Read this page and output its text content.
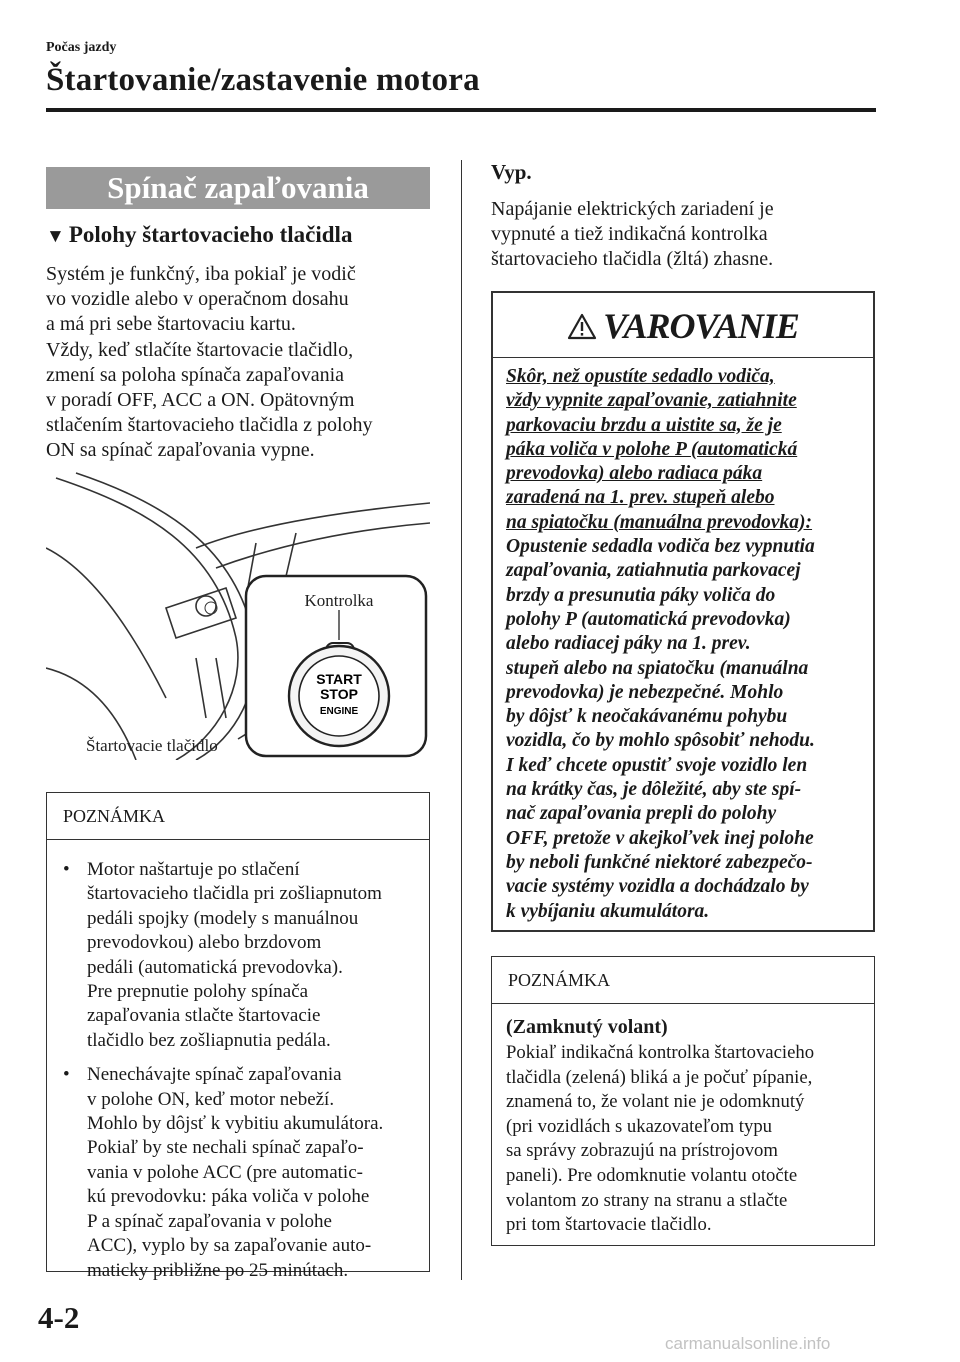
Počas jazdy
Štartovanie/zastavenie motora
Spínač zapaľovania
▼ Polohy štartovacieho tlačidla

Systém je funkčný, iba pokiaľ je vodič
vo vozidle alebo v operačnom dosahu
a má pri sebe štartovaciu kartu.
Vždy, keď stlačíte štartovacie tlačidlo,
zmení sa poloha spínača zapaľovania
v poradí OFF, ACC a ON. Opätovným
stlačením štartovacieho tlačidla z polohy
ON sa spínač zapaľovania vypne.

START
STOP
ENGINE
Kontrolka
Štartovacie tlačidlo
POZNÁMKA
• Motor naštartuje po stlačení
štartovacieho tlačidla pri zošliapnutom
pedáli spojky (modely s manuálnou
prevodovkou) alebo brzdovom
pedáli (automatická prevodovka).
Pre prepnutie polohy spínača
zapaľovania stlačte štartovacie
tlačidlo bez zošliapnutia pedála.
• Nenechávajte spínač zapaľovania
v polohe ON, keď motor nebeží.
Mohlo by dôjsť k vybitiu akumulátora.
Pokiaľ by ste nechali spínač zapaľo-
vania v polohe ACC (pre automatic-
kú prevodovku: páka voliča v polohe
P a spínač zapaľovania v polohe
ACC), vyplo by sa zapaľovanie auto-
maticky približne po 25 minútach.
Vyp.

Napájanie elektrických zariadení je
vypnuté a tiež indikačná kontrolka
štartovacieho tlačidla (žltá) zhasne.

VAROVANIE

Skôr, než opustíte sedadlo vodiča,
vždy vypnite zapaľovanie, zatiahnite
parkovaciu brzdu a uistite sa, že je
páka voliča v polohe P (automatická
prevodovka) alebo radiaca páka
zaradená na 1. prev. stupeň alebo
na spiatočku (manuálna prevodovka):
Opustenie sedadla vodiča bez vypnutia
zapaľovania, zatiahnutia parkovacej
brzdy a presunutia páky voliča do
polohy P (automatická prevodovka)
alebo radiacej páky na 1. prev.
stupeň alebo na spiatočku (manuálna
prevodovka) je nebezpečné. Mohlo
by dôjsť k neočakávanému pohybu
vozidla, čo by mohlo spôsobiť nehodu.
I keď chcete opustiť svoje vozidlo len
na krátky čas, je dôležité, aby ste spí-
nač zapaľovania prepli do polohy
OFF, pretože v akejkoľvek inej polohe
by neboli funkčné niektoré zabezpečo-
vacie systémy vozidla a dochádzalo by
k vybíjaniu akumulátora.

POZNÁMKA

(Zamknutý volant)

Pokiaľ indikačná kontrolka štartovacieho
tlačidla (zelená) bliká a je počuť pípanie,
znamená to, že volant nie je odomknutý
(pri vozidlách s ukazovateľom typu
sa správy zobrazujú na prístrojovom
paneli). Pre odomknutie volantu otočte
volantom zo strany na stranu a stlačte
pri tom štartovacie tlačidlo.

4-2
carmanualsonline.info
